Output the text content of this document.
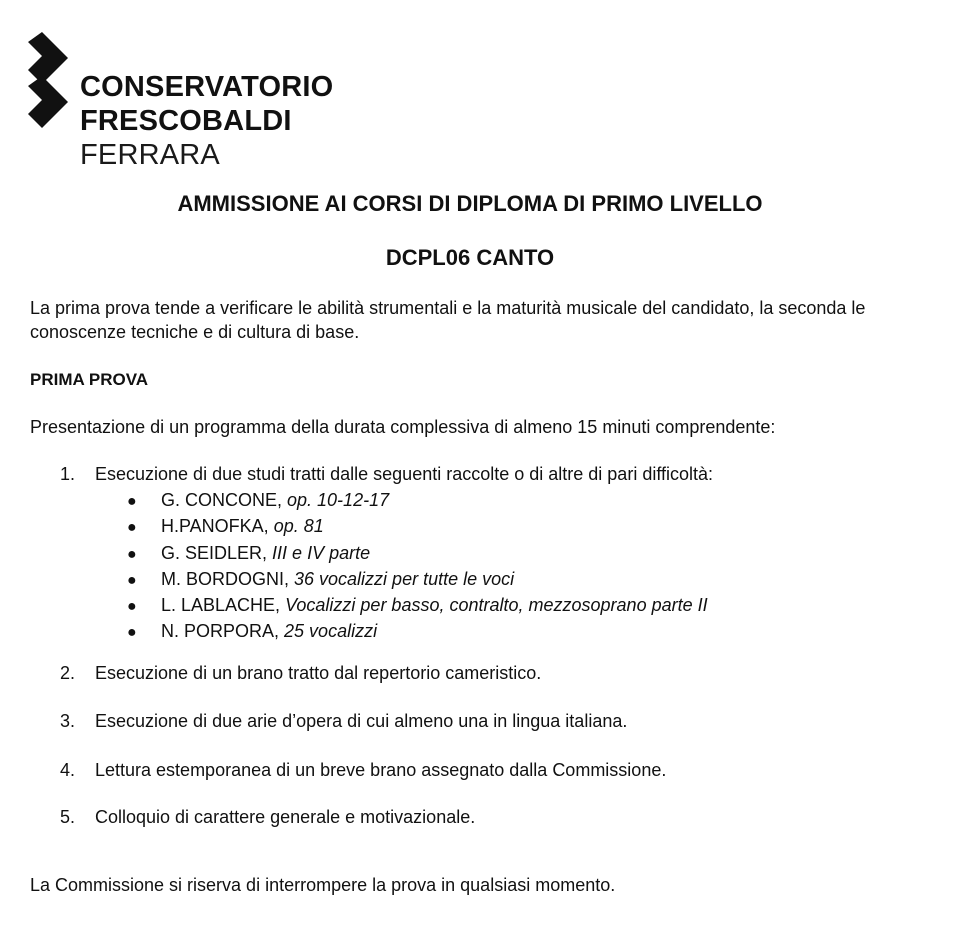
CONSERVATORIO
FRESCOBALDI
FERRARA
AMMISSIONE AI CORSI DI DIPLOMA DI PRIMO LIVELLO
DCPL06 CANTO

La prima prova tende a verificare le abilità strumentali e la maturità musicale del candidato, la seconda le conoscenze tecniche e di cultura di base.

PRIMA PROVA

Presentazione di un programma della durata complessiva di almeno 15 minuti comprendente:

1. Esecuzione di due studi tratti dalle seguenti raccolte o di altre di pari difficoltà:
● G. CONCONE, op. 10-12-17
● H.PANOFKA, op. 81
● G. SEIDLER, III e IV parte
● M. BORDOGNI, 36 vocalizzi per tutte le voci
● L. LABLACHE, Vocalizzi per basso, contralto, mezzosoprano parte II
● N. PORPORA, 25 vocalizzi
2. Esecuzione di un brano tratto dal repertorio cameristico.
3. Esecuzione di due arie d’opera di cui almeno una in lingua italiana.
4. Lettura estemporanea di un breve brano assegnato dalla Commissione.
5. Colloquio di carattere generale e motivazionale.

La Commissione si riserva di interrompere la prova in qualsiasi momento.
